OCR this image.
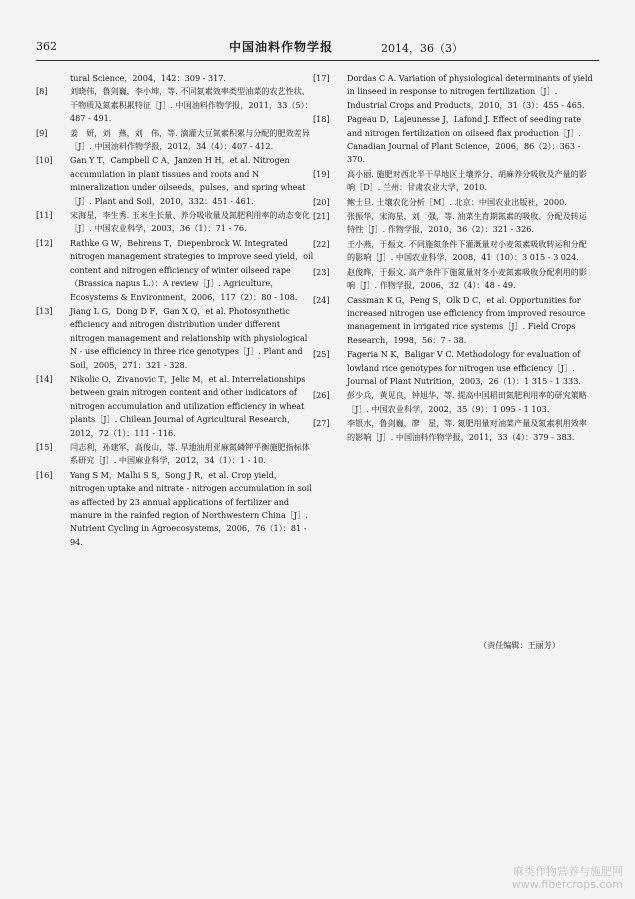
362	中国油料作物学报	2014，36（3）
tural Science，2004，142：309 - 317.
[8]	刘晓伟，鲁剑巍，李小坤，等. 不同氮素效率类型油菜的农艺性状、干物质及氮素积累特征［J］. 中国油料作物学报，2011，33（5）：487 - 491.
[9]	姜　妍，刘　燕，刘　伟，等. 滴灌大豆氮素积累与分配的肥效差异［J］. 中国油料作物学报，2012，34（4）：407 - 412.
[10]	Gan Y T，Campbell C A，Janzen H H，et al. Nitrogen accumulation in plant tissues and roots and N mineralization under oilseeds，pulses，and spring wheat［J］. Plant and Soil，2010，332：451 - 461.
[11]	宋海星，李生秀. 玉米生长量、养分吸收量及氮肥利用率的动态变化［J］. 中国农业科学，2003，36（1）：71 - 76.
[12]	Rathke G W，Behrens T，Diepenbrock W. Integrated nitrogen management strategies to improve seed yield，oil content and nitrogen efficiency of winter oilseed rape（Brassica napus L.）：A review［J］. Agriculture，Ecosystems & Environment，2006，117（2）：80 - 108.
[13]	Jiang L G，Dong D F，Gan X Q，et al. Photosynthetic efficiency and nitrogen distribution under different nitrogen management and relationship with physiological N - use efficiency in three rice genotypes［J］. Plant and Soil，2005，271：321 - 328.
[14]	Nikolic O，Zivanovic T，Jelic M，et al. Interrelationships between grain nitrogen content and other indicators of nitrogen accumulation and utilization efficiency in wheat plants［J］. Chilean Journal of Agricultural Research，2012，72（1）：111 - 116.
[15]	闫志利，孙建军，高俊山，等. 旱地油用亚麻氮磷钾平衡施肥指标体系研究［J］. 中国麻业科学，2012，34（1）：1 - 10.
[16]	Yang S M，Malhi S S，Song J R，et al. Crop yield，nitrogen uptake and nitrate - nitrogen accumulation in soil as affected by 23 annual applications of fertilizer and manure in the rainfed region of Northwestern China［J］. Nutrient Cycling in Agroecosystems，2006，76（1）：81 - 94.
[17]	Dordas C A. Variation of physiological determinants of yield in linseed in response to nitrogen fertilization［J］. Industrial Crops and Products，2010，31（3）：455 - 465.
[18]	Pageau D，Lajeunesse J，Lafond J. Effect of seeding rate and nitrogen fertilization on oilseed flax production［J］. Canadian Journal of Plant Science，2006，86（2）：363 - 370.
[19]	高小丽. 施肥对西北半干旱地区土壤养分、胡麻养分吸收及产量的影响［D］. 兰州：甘肃农业大学，2010.
[20]	鲍士旦. 土壤农化分析［M］. 北京：中国农业出版社，2000.
[21]	张振华，宋海星，刘　强，等. 油菜生育期氮素的吸收、分配及转运特性［J］. 作物学报，2010，36（2）：321 - 326.
[22]	王小燕，于振文. 不同施氮条件下灌溉量对小麦氮素吸收转运和分配的影响［J］. 中国农业科学，2008，41（10）：3 015 - 3 024.
[23]	赵俊晔，于振文. 高产条件下施氮量对冬小麦氮素吸收分配利用的影响［J］. 作物学报，2006，32（4）：48 - 49.
[24]	Cassman K G，Peng S，Olk D C，et al. Opportunities for increased nitrogen use efficiency from improved resource management in irrigated rice systems［J］. Field Crops Research，1998，56：7 - 38.
[25]	Fageria N K，Baligar V C. Methodology for evaluation of lowland rice genotypes for nitrogen use efficiency［J］. Journal of Plant Nutrition，2003，26（1）：1 315 - 1 333.
[26]	彭少兵，黄见良，钟旭华，等. 提高中国稻田氮肥利用率的研究策略［J］. 中国农业科学，2002，35（9）：1 095 - 1 103.
[27]	李银水，鲁剑巍，廖　星，等. 氮肥用量对油菜产量及氮素利用效率的影响［J］. 中国油料作物学报，2011，33（4）：379 - 383.
（责任编辑：王丽芳）
麻类作物营养与施肥网
www.fibercrops.com
